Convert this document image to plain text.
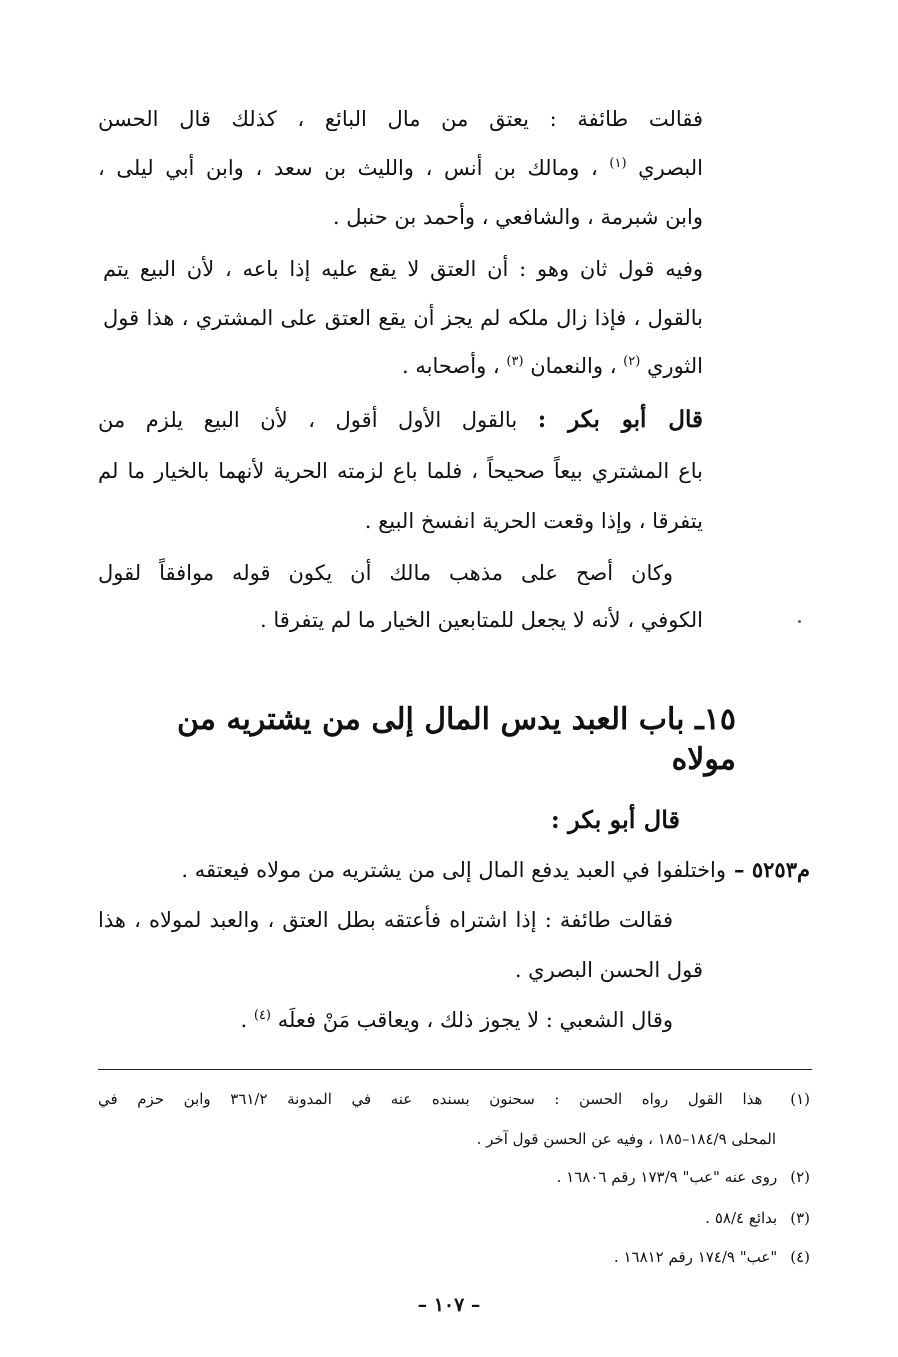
فقالت طائفة : يعتق من مال البائع ، كذلك قال الحسن
البصري $^{(١)}$ ، ومالك بن أنس ، والليث بن سعد ، وابن أبي ليلى ،
وابن شبرمة ، والشافعي ، وأحمد بن حنبل .
وفيه قول ثان وهو : أن العتق لا يقع عليه إذا باعه ، لأن البيع يتم
بالقول ، فإذا زال ملكه لم يجز أن يقع العتق على المشتري ، هذا قول
الثوري $^{(٢)}$ ، والنعمان $^{(٣)}$ ، وأصحابه .
قال أبو بكر : بالقول الأول أقول ، لأن البيع يلزم من
باع المشتري بيعاً صحيحاً ، فلما باع لزمته الحرية لأنهما بالخيار ما لم
يتفرقا ، وإذا وقعت الحرية انفسخ البيع .
وكان أصح على مذهب مالك أن يكون قوله موافقاً لقول
الكوفي ، لأنه لا يجعل للمتابعين الخيار ما لم يتفرقا .
١٥ـ باب العبد يدس المال إلى من يشتريه من مولاه
قال أبو بكر :
م٥٢٥٣ –واختلفوا في العبد يدفع المال إلى من يشتريه من مولاه فيعتقه .
فقالت طائفة : إذا اشتراه فأعتقه بطل العتق ، والعبد لمولاه ، هذا
قول الحسن البصري .
وقال الشعبي : لا يجوز ذلك ، ويعاقب مَنْ فعلَه $^{(٤)}$ .
(١) هذا القول رواه الحسن : سحنون بسنده عنه في المدونة ٣٦١/٢ وابن حزم في
المحلى ١٨٤/٩–١٨٥ ، وفيه عن الحسن قول آخر .
(٢) روى عنه "عب" ١٧٣/٩ رقم ١٦٨٠٦ .
(٣) بدائع ٥٨/٤ .
(٤) "عب" ١٧٤/٩ رقم ١٦٨١٢ .
– ١٠٧ –
